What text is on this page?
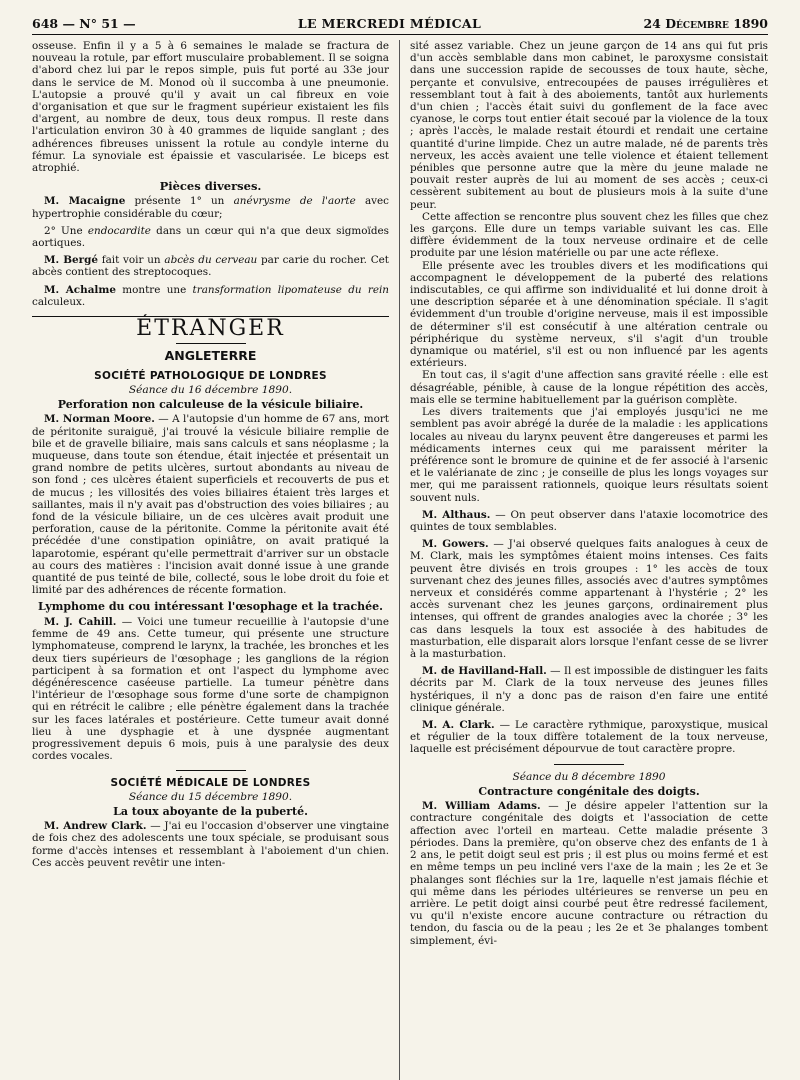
648 — N° 51 —	LE MERCREDI MÉDICAL	24 Décembre 1890

osseuse. Enfin il y a 5 à 6 semaines le malade se fractura de nouveau la rotule, par effort musculaire probablement. Il se soigna d'abord chez lui par le repos simple, puis fut porté au 33e jour dans le service de M. Monod où il succomba à une pneumonie. L'autopsie a prouvé qu'il y avait un cal fibreux en voie d'organisation et que sur le fragment supérieur existaient les fils d'argent, au nombre de deux, tous deux rompus. Il reste dans l'articulation environ 30 à 40 grammes de liquide sanglant ; des adhérences fibreuses unissent la rotule au condyle interne du fémur. La synoviale est épaissie et vascularisée. Le biceps est atrophié.

Pièces diverses.

M. Macaigne présente 1° un anévrysme de l'aorte avec hypertrophie considérable du cœur;

2° Une endocardite dans un cœur qui n'a que deux sigmoïdes aortiques.

M. Bergé fait voir un abcès du cerveau par carie du rocher. Cet abcès contient des streptocoques.

M. Achalme montre une transformation lipomateuse du rein calculeux.

ÉTRANGER
ANGLETERRE
SOCIÉTÉ PATHOLOGIQUE DE LONDRES
Séance du 16 décembre 1890.
Perforation non calculeuse de la vésicule biliaire.

M. Norman Moore. — A l'autopsie d'un homme de 67 ans, mort de péritonite suraiguë, j'ai trouvé la vésicule biliaire remplie de bile et de gravelle biliaire, mais sans calculs et sans néoplasme ; la muqueuse, dans toute son étendue, était injectée et présentait un grand nombre de petits ulcères, surtout abondants au niveau de son fond ; ces ulcères étaient superficiels et recouverts de pus et de mucus ; les villosités des voies biliaires étaient très larges et saillantes, mais il n'y avait pas d'obstruction des voies biliaires ; au fond de la vésicule biliaire, un de ces ulcères avait produit une perforation, cause de la péritonite. Comme la péritonite avait été précédée d'une constipation opiniâtre, on avait pratiqué la laparotomie, espérant qu'elle permettrait d'arriver sur un obstacle au cours des matières : l'incision avait donné issue à une grande quantité de pus teinté de bile, collecté, sous le lobe droit du foie et limité par des adhérences de récente formation.

Lymphome du cou intéressant l'œsophage et la trachée.

M. J. Cahill. — Voici une tumeur recueillie à l'autopsie d'une femme de 49 ans. Cette tumeur, qui présente une structure lymphomateuse, comprend le larynx, la trachée, les bronches et les deux tiers supérieurs de l'œsophage ; les ganglions de la région participent à sa formation et ont l'aspect du lymphome avec dégénérescence caséeuse partielle. La tumeur pénètre dans l'intérieur de l'œsophage sous forme d'une sorte de champignon qui en rétrécit le calibre ; elle pénètre également dans la trachée sur les faces latérales et postérieure. Cette tumeur avait donné lieu à une dysphagie et à une dyspnée augmentant progressivement depuis 6 mois, puis à une paralysie des deux cordes vocales.

SOCIÉTÉ MÉDICALE DE LONDRES
Séance du 15 décembre 1890.
La toux aboyante de la puberté.

M. Andrew Clark. — J'ai eu l'occasion d'observer une vingtaine de fois chez des adolescents une toux spéciale, se produisant sous forme d'accès intenses et ressemblant à l'aboiement d'un chien. Ces accès peuvent revêtir une inten-

sité assez variable. Chez un jeune garçon de 14 ans qui fut pris d'un accès semblable dans mon cabinet, le paroxysme consistait dans une succession rapide de secousses de toux haute, sèche, perçante et convulsive, entrecoupées de pauses irrégulières et ressemblant tout à fait à des aboiements, tantôt aux hurlements d'un chien ; l'accès était suivi du gonflement de la face avec cyanose, le corps tout entier était secoué par la violence de la toux ; après l'accès, le malade restait étourdi et rendait une certaine quantité d'urine limpide. Chez un autre malade, né de parents très nerveux, les accès avaient une telle violence et étaient tellement pénibles que personne autre que la mère du jeune malade ne pouvait rester auprès de lui au moment de ses accès ; ceux-ci cessèrent subitement au bout de plusieurs mois à la suite d'une peur.

Cette affection se rencontre plus souvent chez les filles que chez les garçons. Elle dure un temps variable suivant les cas. Elle diffère évidemment de la toux nerveuse ordinaire et de celle produite par une lésion matérielle ou par une acte réflexe.

Elle présente avec les troubles divers et les modifications qui accompagnent le développement de la puberté des relations indiscutables, ce qui affirme son individualité et lui donne droit à une description séparée et à une dénomination spéciale. Il s'agit évidemment d'un trouble d'origine nerveuse, mais il est impossible de déterminer s'il est consécutif à une altération centrale ou périphérique du système nerveux, s'il s'agit d'un trouble dynamique ou matériel, s'il est ou non influencé par les agents extérieurs.

En tout cas, il s'agit d'une affection sans gravité réelle : elle est désagréable, pénible, à cause de la longue répétition des accès, mais elle se termine habituellement par la guérison complète.

Les divers traitements que j'ai employés jusqu'ici ne me semblent pas avoir abrégé la durée de la maladie : les applications locales au niveau du larynx peuvent être dangereuses et parmi les médicaments internes ceux qui me paraissent mériter la préférence sont le bromure de quinine et de fer associé à l'arsenic et le valérianate de zinc ; je conseille de plus les longs voyages sur mer, qui me paraissent rationnels, quoique leurs résultats soient souvent nuls.

M. Althaus. — On peut observer dans l'ataxie locomotrice des quintes de toux semblables.

M. Gowers. — J'ai observé quelques faits analogues à ceux de M. Clark, mais les symptômes étaient moins intenses. Ces faits peuvent être divisés en trois groupes : 1° les accès de toux survenant chez des jeunes filles, associés avec d'autres symptômes nerveux et considérés comme appartenant à l'hystérie ; 2° les accès survenant chez les jeunes garçons, ordinairement plus intenses, qui offrent de grandes analogies avec la chorée ; 3° les cas dans lesquels la toux est associée à des habitudes de masturbation, elle disparait alors lorsque l'enfant cesse de se livrer à la masturbation.

M. de Havilland-Hall. — Il est impossible de distinguer les faits décrits par M. Clark de la toux nerveuse des jeunes filles hystériques, il n'y a donc pas de raison d'en faire une entité clinique générale.

M. A. Clark. — Le caractère rythmique, paroxystique, musical et régulier de la toux diffère totalement de la toux nerveuse, laquelle est précisément dépourvue de tout caractère propre.

Séance du 8 décembre 1890
Contracture congénitale des doigts.

M. William Adams. — Je désire appeler l'attention sur la contracture congénitale des doigts et l'association de cette affection avec l'orteil en marteau. Cette maladie présente 3 périodes. Dans la première, qu'on observe chez des enfants de 1 à 2 ans, le petit doigt seul est pris ; il est plus ou moins fermé et est en même temps un peu incliné vers l'axe de la main ; les 2e et 3e phalanges sont fléchies sur la 1re, laquelle n'est jamais fléchie et qui même dans les périodes ultérieures se renverse un peu en arrière. Le petit doigt ainsi courbé peut être redressé facilement, vu qu'il n'existe encore aucune contracture ou rétraction du tendon, du fascia ou de la peau ; les 2e et 3e phalanges tombent simplement, évi-
